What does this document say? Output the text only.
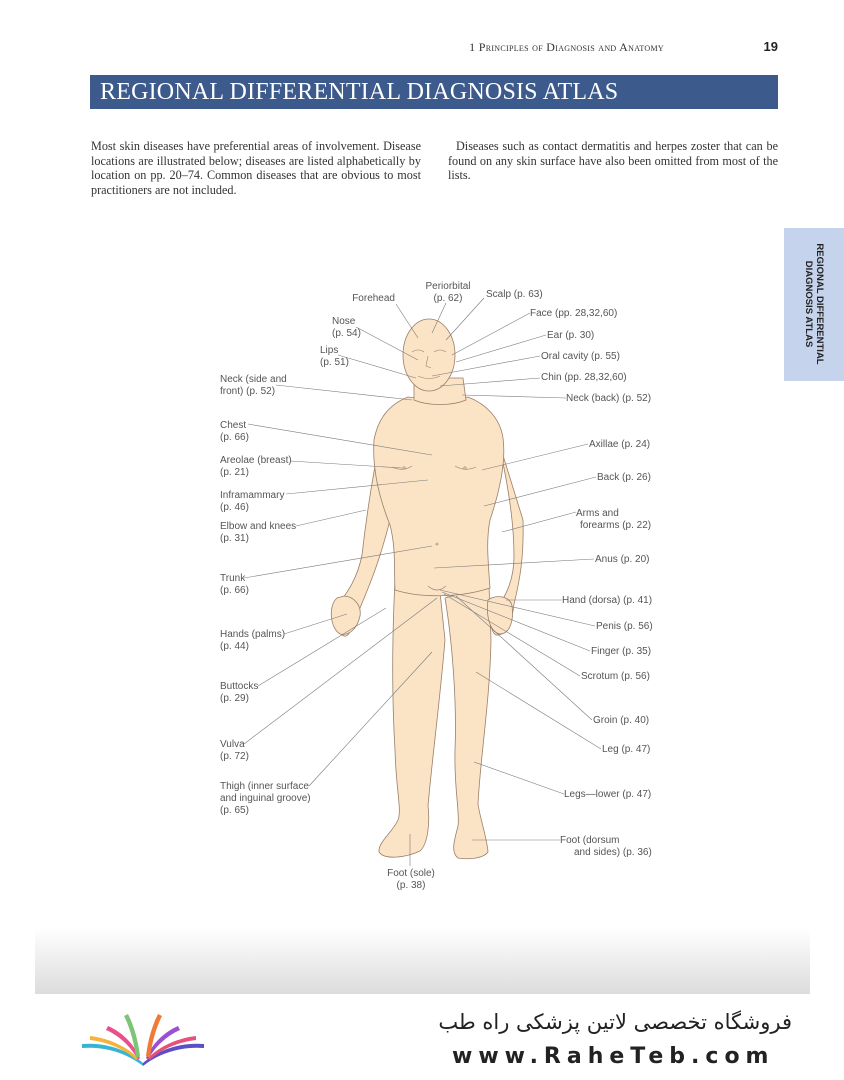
1 Principles of Diagnosis and Anatomy	19
REGIONAL DIFFERENTIAL DIAGNOSIS ATLAS

Most skin diseases have preferential areas of involvement. Disease locations are illustrated below; diseases are listed alphabetically by location on pp. 20–74. Common diseases that are obvious to most practitioners are not included.

Diseases such as contact dermatitis and herpes zoster that can be found on any skin surface have also been omitted from most of the lists.

REGIONAL DIFFERENTIAL
DIAGNOSIS ATLAS
Forehead
Periorbital (p. 62)	Scalp (p. 63)
Face (pp. 28,32,60)
Ear (p. 30)
Oral cavity (p. 55)
Chin (pp. 28,32,60)
Neck (back) (p. 52)
Nose (p. 54)
Lips (p. 51)
Neck (side and front) (p. 52)
Chest (p. 66)
Areolae (breast) (p. 21)
Inframammary (p. 46)
Elbow and knees (p. 31)
Trunk (p. 66)
Hands (palms) (p. 44)
Buttocks (p. 29)
Vulva (p. 72)
Thigh (inner surface and inguinal groove) (p. 65)
Foot (sole) (p. 38)
Axillae (p. 24)
Back (p. 26)
Arms and forearms (p. 22)
Anus (p. 20)
Hand (dorsa) (p. 41)
Penis (p. 56)
Finger (p. 35)
Scrotum (p. 56)
Groin (p. 40)
Leg (p. 47)
Legs—lower (p. 47)
Foot (dorsum and sides) (p. 36)
فروشگاه تخصصی لاتین پزشکی راه طب
www.RaheTeb.com
